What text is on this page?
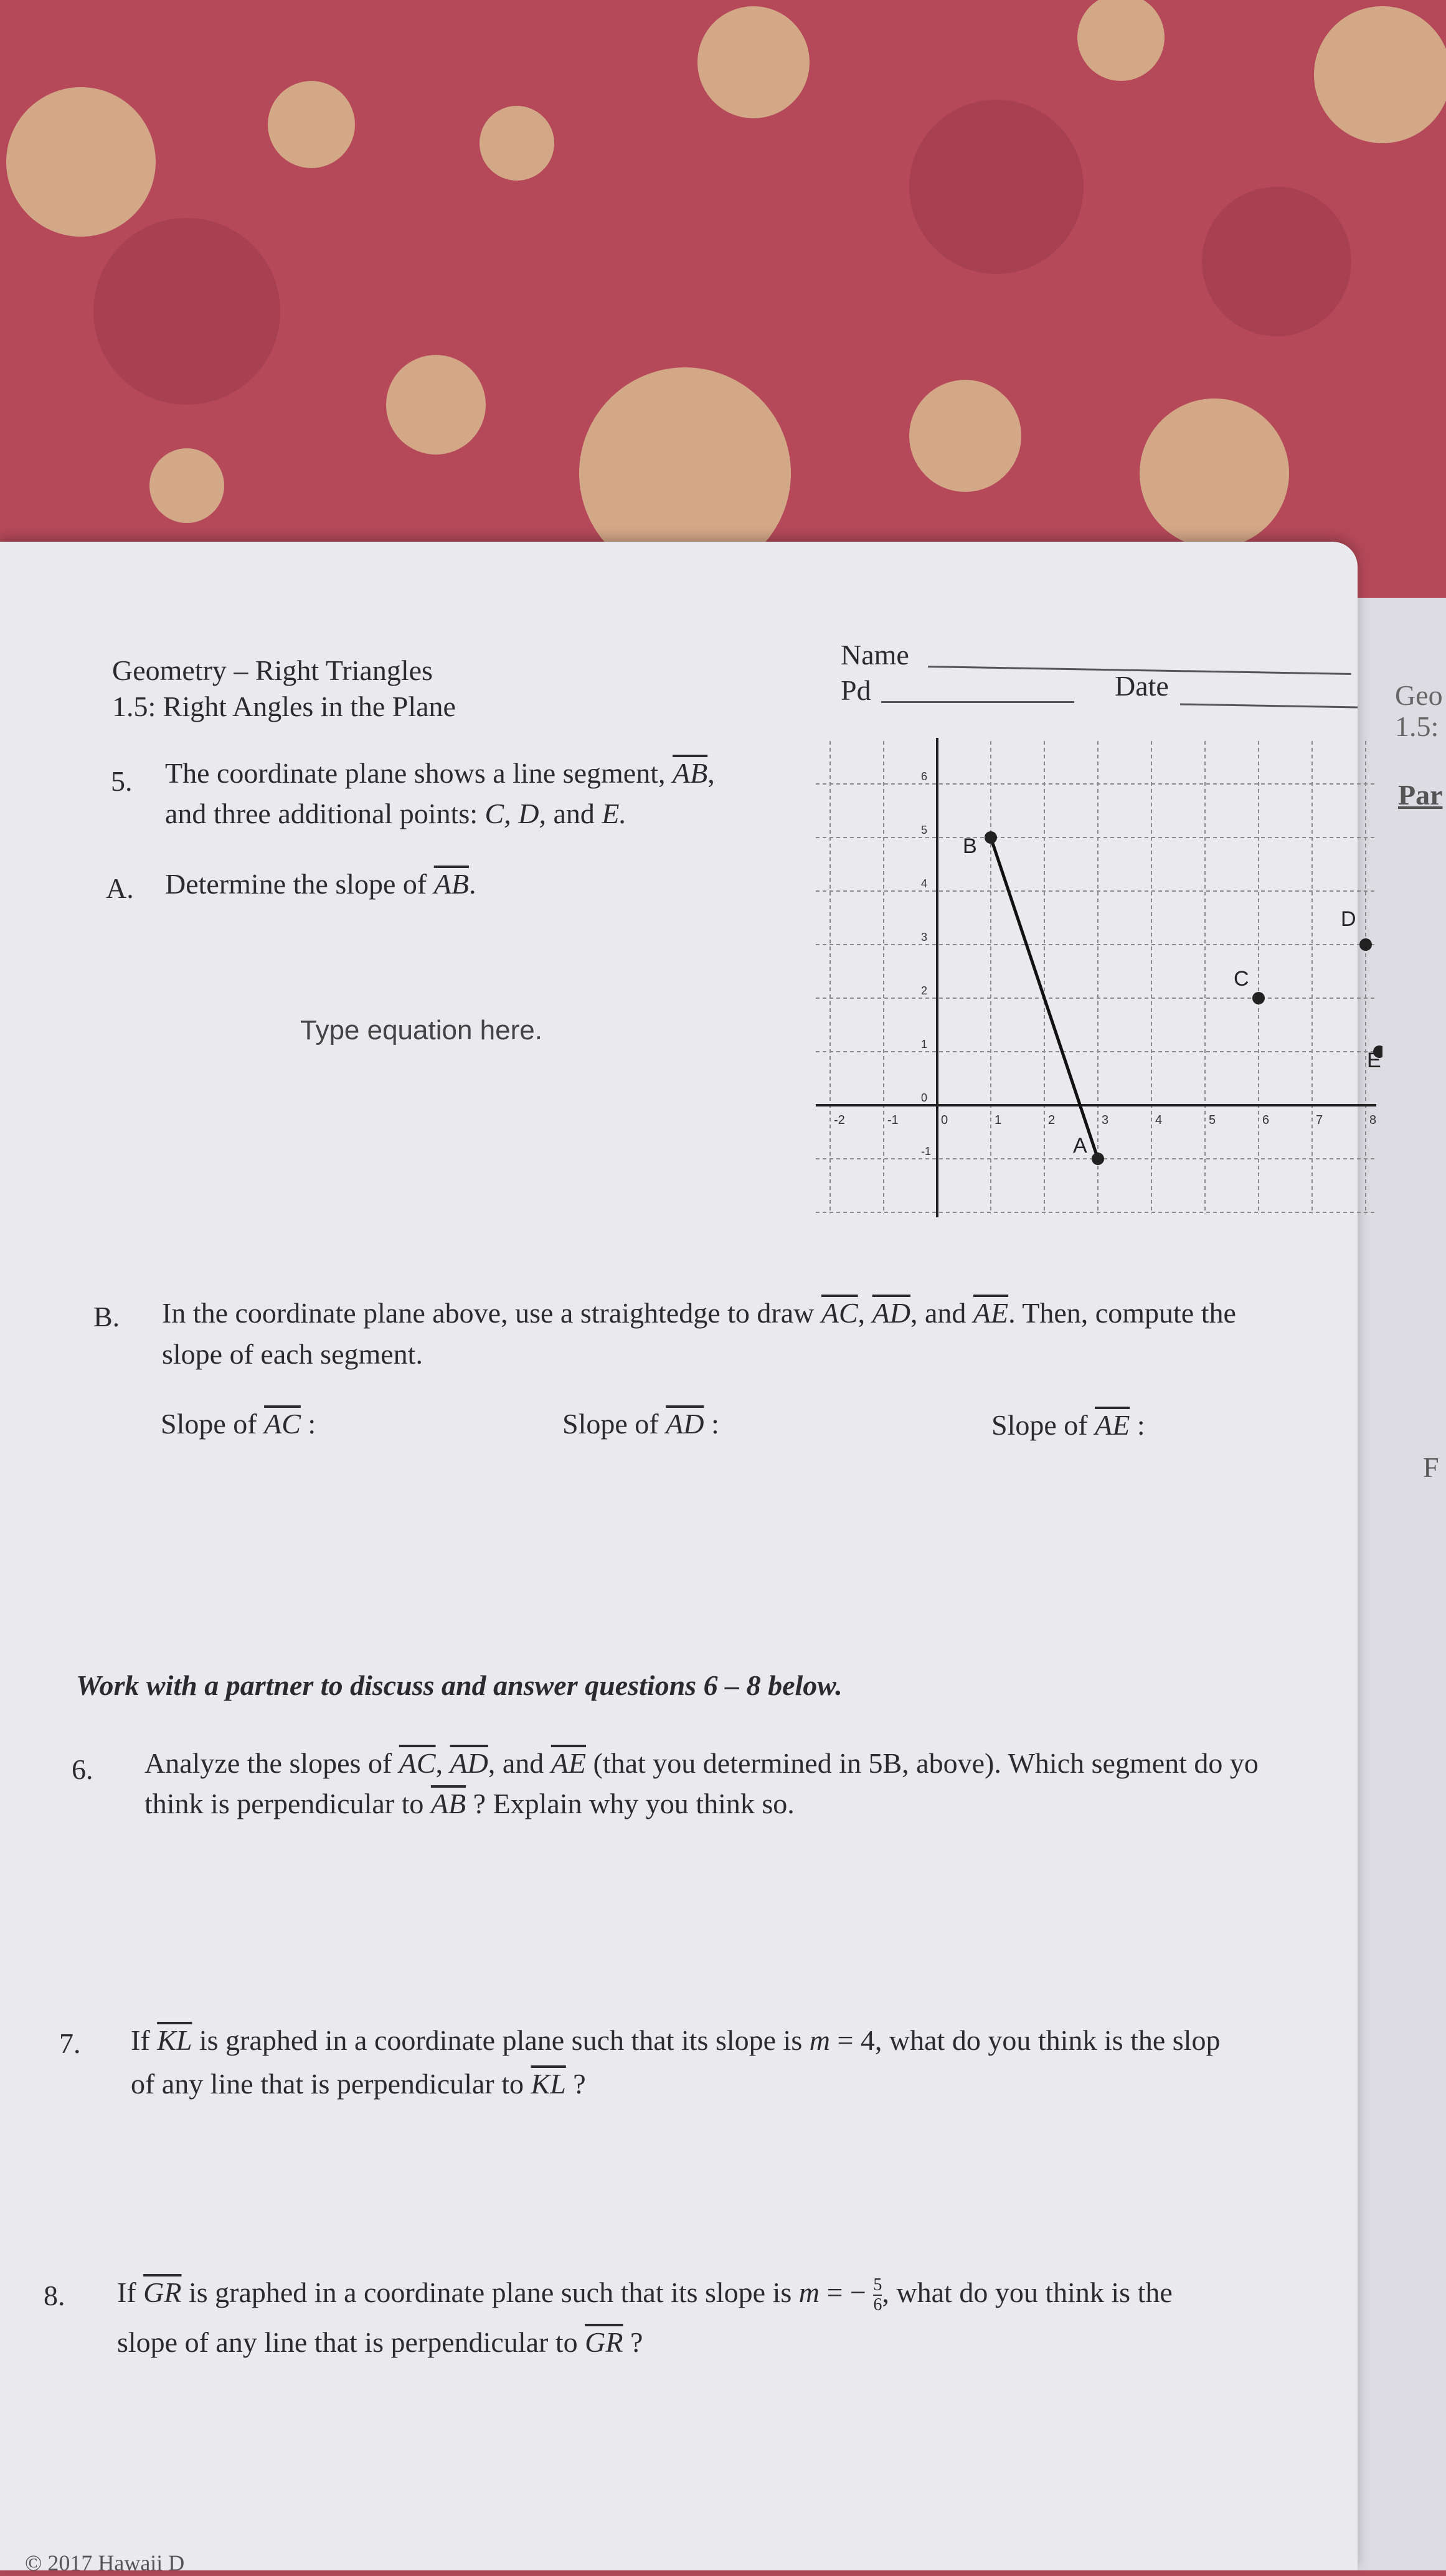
Geo
1.5:
Par
F
Geometry – Right Triangles
1.5: Right Angles in the Plane
Name
Pd	Date
5. The coordinate plane shows a line segment, $\overline{AB}$,
and three additional points: C, D, and E.
A. Determine the slope of $\overline{AB}$.
Type equation here.
B. In the coordinate plane above, use a straightedge to draw $\overline{AC}$, $\overline{AD}$, and $\overline{AE}$. Then, compute the
slope of each segment.
Slope of $\overline{AC}$ :	Slope of $\overline{AD}$ :	Slope of $\overline{AE}$ :
Work with a partner to discuss and answer questions 6 – 8 below.
6. Analyze the slopes of $\overline{AC}$, $\overline{AD}$, and $\overline{AE}$ (that you determined in 5B, above). Which segment do yo
think is perpendicular to $\overline{AB}$ ? Explain why you think so.
7. If $\overline{KL}$ is graphed in a coordinate plane such that its slope is m = 4, what do you think is the slop
of any line that is perpendicular to $\overline{KL}$ ?
8. If $\overline{GR}$ is graphed in a coordinate plane such that its slope is m = − $\frac{5}{6}$ , what do you think is the
slope of any line that is perpendicular to $\overline{GR}$ ?
© 2017 Hawaii D
-2	-1	0	1	2	3	4	5	6	7	8
-1
0
1
2
3
4
5
6
A
B
C
D
E
